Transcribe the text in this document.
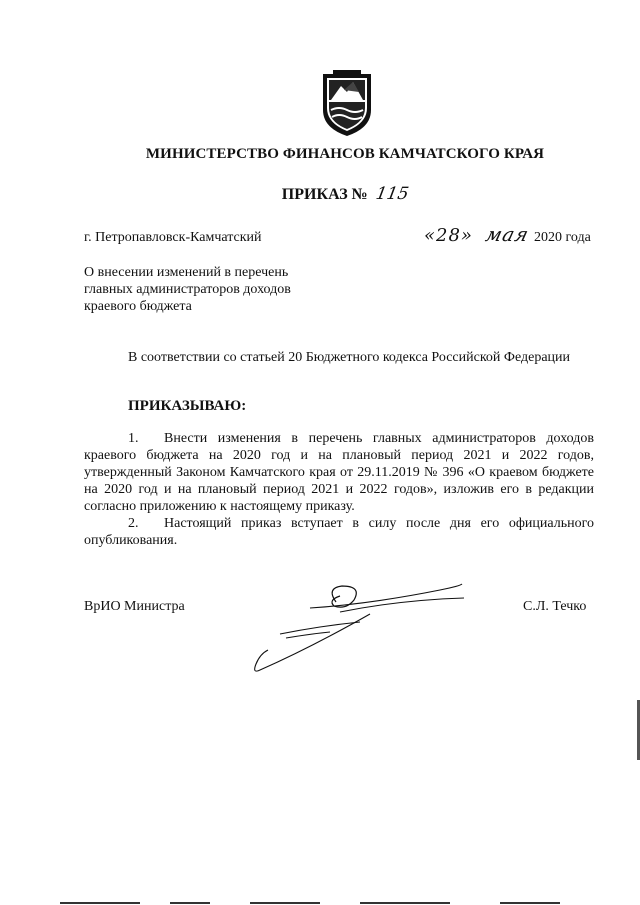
МИНИСТЕРСТВО ФИНАНСОВ КАМЧАТСКОГО КРАЯ
ПРИКАЗ № 115
г. Петропавловск-Камчатский	«28» мая 2020 года
О внесении изменений в перечень
главных администраторов доходов
краевого бюджета
В соответствии со статьей 20 Бюджетного кодекса Российской Федерации
ПРИКАЗЫВАЮ:

1. Внести изменения в перечень главных администраторов доходов краевого бюджета на 2020 год и на плановый период 2021 и 2022 годов, утвержденный Законом Камчатского края от 29.11.2019 № 396 «О краевом бюджете на 2020 год и на плановый период 2021 и 2022 годов», изложив его в редакции согласно приложению к настоящему приказу.

2. Настоящий приказ вступает в силу после дня его официального опубликования.

ВрИО Министра	С.Л. Течко
